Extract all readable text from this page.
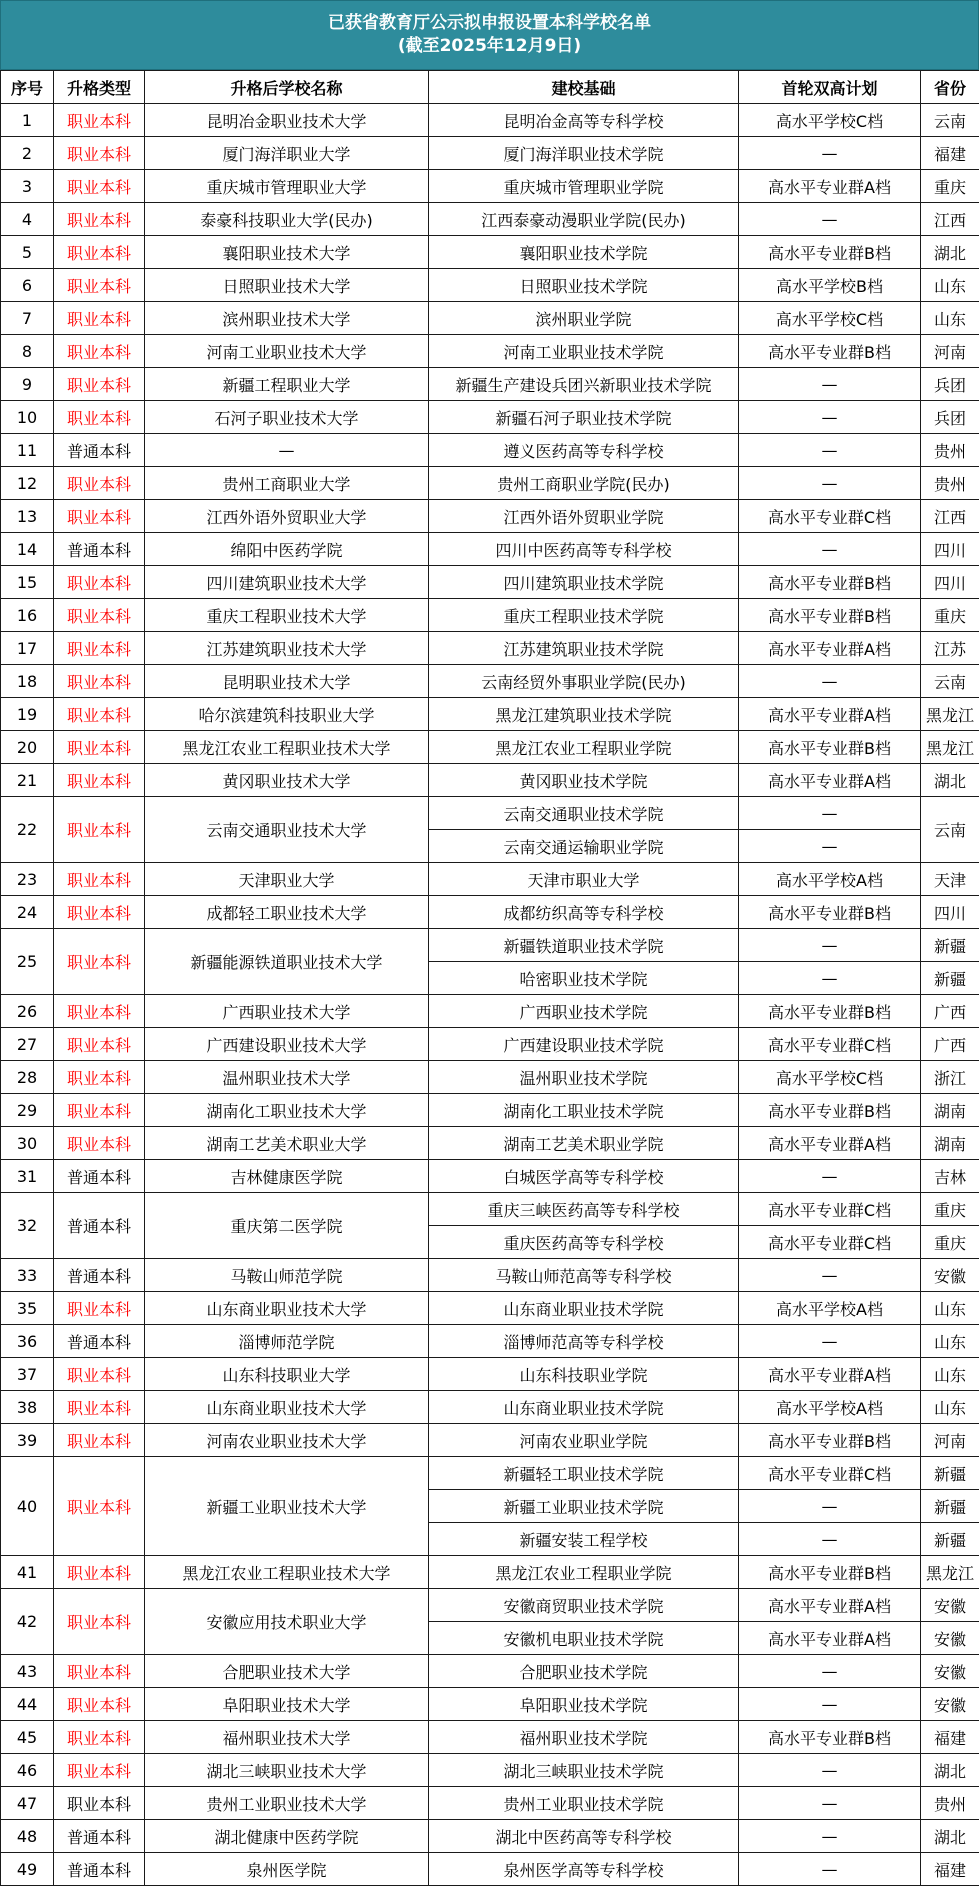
已获省教育厅公示拟申报设置本科学校名单
(截至2025年12月9日)
序号	升格类型	升格后学校名称	建校基础	首轮双高计划	省份
1	职业本科	昆明冶金职业技术大学	昆明冶金高等专科学校	高水平学校C档	云南
2	职业本科	厦门海洋职业大学	厦门海洋职业技术学院	—	福建
3	职业本科	重庆城市管理职业大学	重庆城市管理职业学院	高水平专业群A档	重庆
4	职业本科	泰豪科技职业大学(民办)	江西泰豪动漫职业学院(民办)	—	江西
5	职业本科	襄阳职业技术大学	襄阳职业技术学院	高水平专业群B档	湖北
6	职业本科	日照职业技术大学	日照职业技术学院	高水平学校B档	山东
7	职业本科	滨州职业技术大学	滨州职业学院	高水平学校C档	山东
8	职业本科	河南工业职业技术大学	河南工业职业技术学院	高水平专业群B档	河南
9	职业本科	新疆工程职业大学	新疆生产建设兵团兴新职业技术学院	—	兵团
10	职业本科	石河子职业技术大学	新疆石河子职业技术学院	—	兵团
11	普通本科	—	遵义医药高等专科学校	—	贵州
12	职业本科	贵州工商职业大学	贵州工商职业学院(民办)	—	贵州
13	职业本科	江西外语外贸职业大学	江西外语外贸职业学院	高水平专业群C档	江西
14	普通本科	绵阳中医药学院	四川中医药高等专科学校	—	四川
15	职业本科	四川建筑职业技术大学	四川建筑职业技术学院	高水平专业群B档	四川
16	职业本科	重庆工程职业技术大学	重庆工程职业技术学院	高水平专业群B档	重庆
17	职业本科	江苏建筑职业技术大学	江苏建筑职业技术学院	高水平专业群A档	江苏
18	职业本科	昆明职业技术大学	云南经贸外事职业学院(民办)	—	云南
19	职业本科	哈尔滨建筑科技职业大学	黑龙江建筑职业技术学院	高水平专业群A档	黑龙江
20	职业本科	黑龙江农业工程职业技术大学	黑龙江农业工程职业学院	高水平专业群B档	黑龙江
21	职业本科	黄冈职业技术大学	黄冈职业技术学院	高水平专业群A档	湖北
22	职业本科	云南交通职业技术大学	云南交通职业技术学院	—	云南
			云南交通运输职业学院	—	
23	职业本科	天津职业大学	天津市职业大学	高水平学校A档	天津
24	职业本科	成都轻工职业技术大学	成都纺织高等专科学校	高水平专业群B档	四川
25	职业本科	新疆能源铁道职业技术大学	新疆铁道职业技术学院	—	新疆
			哈密职业技术学院	—	新疆
26	职业本科	广西职业技术大学	广西职业技术学院	高水平专业群B档	广西
27	职业本科	广西建设职业技术大学	广西建设职业技术学院	高水平专业群C档	广西
28	职业本科	温州职业技术大学	温州职业技术学院	高水平学校C档	浙江
29	职业本科	湖南化工职业技术大学	湖南化工职业技术学院	高水平专业群B档	湖南
30	职业本科	湖南工艺美术职业大学	湖南工艺美术职业学院	高水平专业群A档	湖南
31	普通本科	吉林健康医学院	白城医学高等专科学校	—	吉林
32	普通本科	重庆第二医学院	重庆三峡医药高等专科学校	高水平专业群C档	重庆
			重庆医药高等专科学校	高水平专业群C档	重庆
33	普通本科	马鞍山师范学院	马鞍山师范高等专科学校	—	安徽
35	职业本科	山东商业职业技术大学	山东商业职业技术学院	高水平学校A档	山东
36	普通本科	淄博师范学院	淄博师范高等专科学校	—	山东
37	职业本科	山东科技职业大学	山东科技职业学院	高水平专业群A档	山东
38	职业本科	山东商业职业技术大学	山东商业职业技术学院	高水平学校A档	山东
39	职业本科	河南农业职业技术大学	河南农业职业学院	高水平专业群B档	河南
40	职业本科	新疆工业职业技术大学	新疆轻工职业技术学院	高水平专业群C档	新疆
			新疆工业职业技术学院	—	新疆
			新疆安装工程学校	—	新疆
41	职业本科	黑龙江农业工程职业技术大学	黑龙江农业工程职业学院	高水平专业群B档	黑龙江
42	职业本科	安徽应用技术职业大学	安徽商贸职业技术学院	高水平专业群A档	安徽
			安徽机电职业技术学院	高水平专业群A档	安徽
43	职业本科	合肥职业技术大学	合肥职业技术学院	—	安徽
44	职业本科	阜阳职业技术大学	阜阳职业技术学院	—	安徽
45	职业本科	福州职业技术大学	福州职业技术学院	高水平专业群B档	福建
46	职业本科	湖北三峡职业技术大学	湖北三峡职业技术学院	—	湖北
47	职业本科	贵州工业职业技术大学	贵州工业职业技术学院	—	贵州
48	普通本科	湖北健康中医药学院	湖北中医药高等专科学校	—	湖北
49	普通本科	泉州医学院	泉州医学高等专科学校	—	福建
